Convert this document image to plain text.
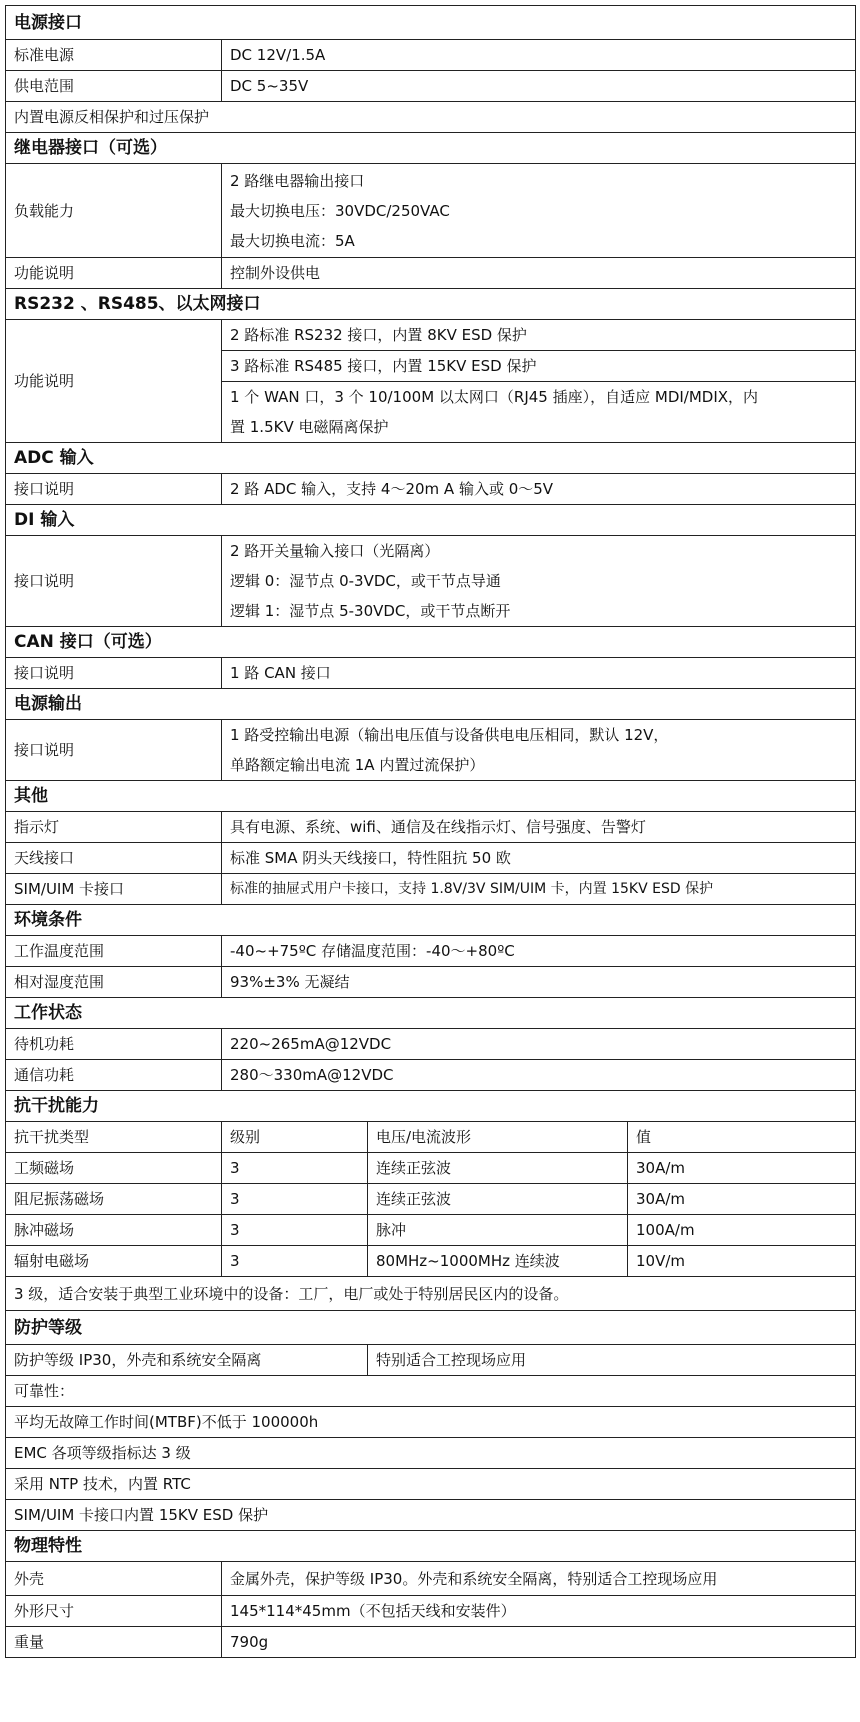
电源接口			
标准电源	DC 12V/1.5A		
供电范围	DC 5~35V		
内置电源反相保护和过压保护			
继电器接口（可选）			
负载能力	2 路继电器输出接口
最大切换电压：30VDC/250VAC
最大切换电流：5A		

功能说明	控制外设供电		
RS232 、RS485、以太网接口			
功能说明	2 路标准 RS232 接口，内置 8KV ESD 保护		
	3 路标准 RS485 接口，内置 15KV ESD 保护		

	1 个 WAN 口，3 个 10/100M 以太网口（RJ45 插座），自适应 MDI/MDIX，内
置 1.5KV 电磁隔离保护		

ADC 输入			
接口说明	2 路 ADC 输入，支持 4～20m A 输入或 0～5V		
DI 输入			
接口说明	2 路开关量输入接口（光隔离）
逻辑 0：湿节点 0-3VDC，或干节点导通
逻辑 1：湿节点 5-30VDC，或干节点断开		

CAN 接口（可选）			
接口说明	1 路 CAN 接口		
电源输出			
接口说明	1 路受控输出电源（输出电压值与设备供电电压相同，默认 12V，
单路额定输出电流 1A 内置过流保护）		

其他			
指示灯	具有电源、系统、wifi、通信及在线指示灯、信号强度、告警灯		
天线接口	标准 SMA 阴头天线接口，特性阻抗 50 欧		
SIM/UIM 卡接口	标准的抽屉式用户卡接口，支持 1.8V/3V SIM/UIM 卡，内置 15KV ESD 保护		
环境条件			
工作温度范围	-40~+75ºC 存储温度范围：-40～+80ºC		
相对湿度范围	93%±3% 无凝结		
工作状态			
待机功耗	220~265mA@12VDC		
通信功耗	280～330mA@12VDC		
抗干扰能力			
抗干扰类型	级别	电压/电流波形	值
工频磁场	3	连续正弦波	30A/m
阻尼振荡磁场	3	连续正弦波	30A/m
脉冲磁场	3	脉冲	100A/m
辐射电磁场	3	80MHz~1000MHz 连续波	10V/m
3 级，适合安装于典型工业环境中的设备：工厂，电厂或处于特别居民区内的设备。			
防护等级			
防护等级 IP30，外壳和系统安全隔离		特别适合工控现场应用	
可靠性：			
平均无故障工作时间(MTBF)不低于 100000h			
EMC 各项等级指标达 3 级			
采用 NTP 技术，内置 RTC			
SIM/UIM 卡接口内置 15KV ESD 保护			
物理特性			
外壳	金属外壳，保护等级 IP30。外壳和系统安全隔离，特别适合工控现场应用		
外形尺寸	145*114*45mm（不包括天线和安装件）		
重量	790g		
